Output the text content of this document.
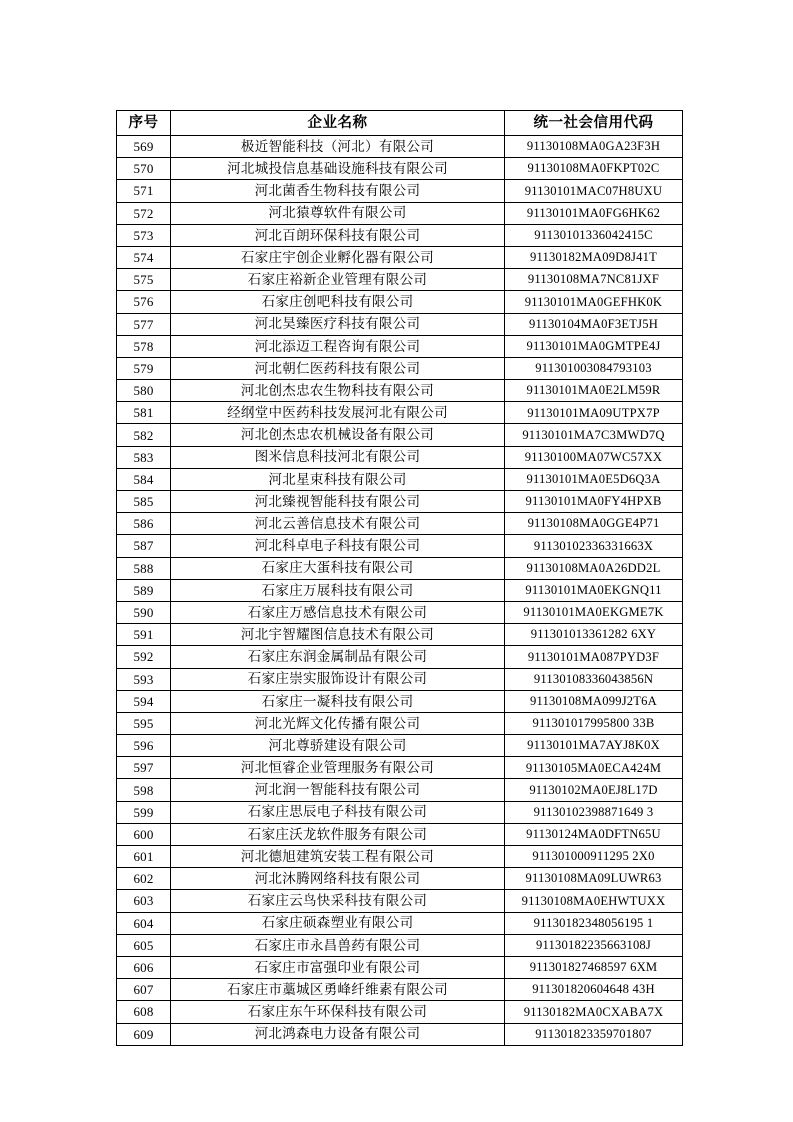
序号	企业名称	统一社会信用代码
569	极近智能科技（河北）有限公司	91130108MA0GA23F3H
570	河北城投信息基础设施科技有限公司	91130108MA0FKPT02C
571	河北菌香生物科技有限公司	91130101MAC07H8UXU
572	河北猿尊软件有限公司	91130101MA0FG6HK62
573	河北百朗环保科技有限公司	91130101336042415C
574	石家庄宇创企业孵化器有限公司	91130182MA09D8J41T
575	石家庄裕新企业管理有限公司	91130108MA7NC81JXF
576	石家庄创吧科技有限公司	91130101MA0GEFHK0K
577	河北昊臻医疗科技有限公司	91130104MA0F3ETJ5H
578	河北添迈工程咨询有限公司	91130101MA0GMTPE4J
579	河北朝仁医药科技有限公司	911301003084793103
580	河北创杰忠农生物科技有限公司	91130101MA0E2LM59R
581	经纲堂中医药科技发展河北有限公司	91130101MA09UTPX7P
582	河北创杰忠农机械设备有限公司	91130101MA7C3MWD7Q
583	图米信息科技河北有限公司	91130100MA07WC57XX
584	河北星束科技有限公司	91130101MA0E5D6Q3A
585	河北臻视智能科技有限公司	91130101MA0FY4HPXB
586	河北云善信息技术有限公司	91130108MA0GGE4P71
587	河北科卓电子科技有限公司	91130102336331663X
588	石家庄大蛋科技有限公司	91130108MA0A26DD2L
589	石家庄万展科技有限公司	91130101MA0EKGNQ11
590	石家庄万感信息技术有限公司	91130101MA0EKGME7K
591	河北宇智耀图信息技术有限公司	911301013361282 6XY
592	石家庄东润金属制品有限公司	91130101MA087PYD3F
593	石家庄崇实服饰设计有限公司	91130108336043856N
594	石家庄一凝科技有限公司	91130108MA099J2T6A
595	河北光辉文化传播有限公司	911301017995800 33B
596	河北尊骄建设有限公司	91130101MA7AYJ8K0X
597	河北恒睿企业管理服务有限公司	91130105MA0ECA424M
598	河北润一智能科技有限公司	91130102MA0EJ8L17D
599	石家庄思辰电子科技有限公司	91130102398871649 3
600	石家庄沃龙软件服务有限公司	91130124MA0DFTN65U
601	河北德旭建筑安装工程有限公司	911301000911295 2X0
602	河北沐腾网络科技有限公司	91130108MA09LUWR63
603	石家庄云鸟快采科技有限公司	91130108MA0EHWTUXX
604	石家庄硕森塑业有限公司	91130182348056195 1
605	石家庄市永昌兽药有限公司	91130182235663108J
606	石家庄市富强印业有限公司	911301827468597 6XM
607	石家庄市藁城区勇峰纤维素有限公司	911301820604648 43H
608	石家庄东午环保科技有限公司	91130182MA0CXABA7X
609	河北鸿森电力设备有限公司	911301823359701807
